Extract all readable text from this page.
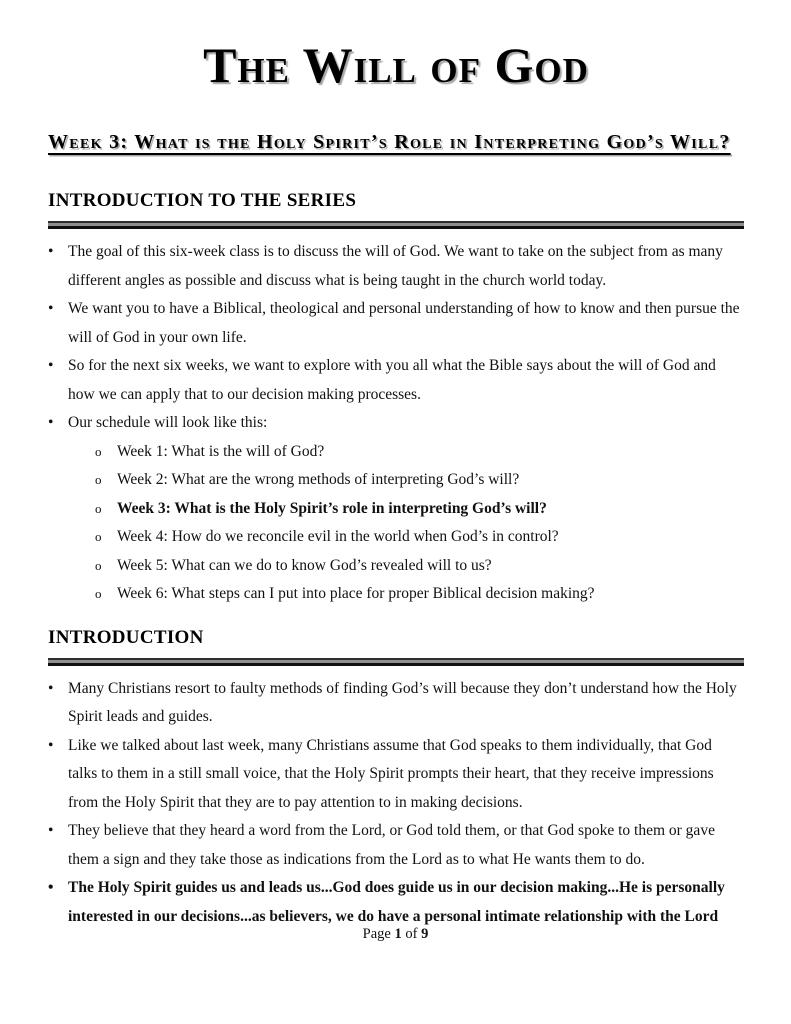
The Will of God
Week 3: What is the Holy Spirit’s Role in Interpreting God’s Will?
INTRODUCTION TO THE SERIES
• The goal of this six-week class is to discuss the will of God. We want to take on the subject from as many different angles as possible and discuss what is being taught in the church world today.
• We want you to have a Biblical, theological and personal understanding of how to know and then pursue the will of God in your own life.
• So for the next six weeks, we want to explore with you all what the Bible says about the will of God and how we can apply that to our decision making processes.
• Our schedule will look like this:
o	Week 1: What is the will of God?
o	Week 2: What are the wrong methods of interpreting God’s will?
o	Week 3: What is the Holy Spirit’s role in interpreting God’s will?
o	Week 4: How do we reconcile evil in the world when God’s in control?
o	Week 5: What can we do to know God’s revealed will to us?
o	Week 6: What steps can I put into place for proper Biblical decision making?
INTRODUCTION
• Many Christians resort to faulty methods of finding God’s will because they don’t understand how the Holy Spirit leads and guides.
• Like we talked about last week, many Christians assume that God speaks to them individually, that God talks to them in a still small voice, that the Holy Spirit prompts their heart, that they receive impressions from the Holy Spirit that they are to pay attention to in making decisions.
• They believe that they heard a word from the Lord, or God told them, or that God spoke to them or gave them a sign and they take those as indications from the Lord as to what He wants them to do.
• The Holy Spirit guides us and leads us...God does guide us in our decision making...He is personally interested in our decisions...as believers, we do have a personal intimate relationship with the Lord
Page 1 of 9
